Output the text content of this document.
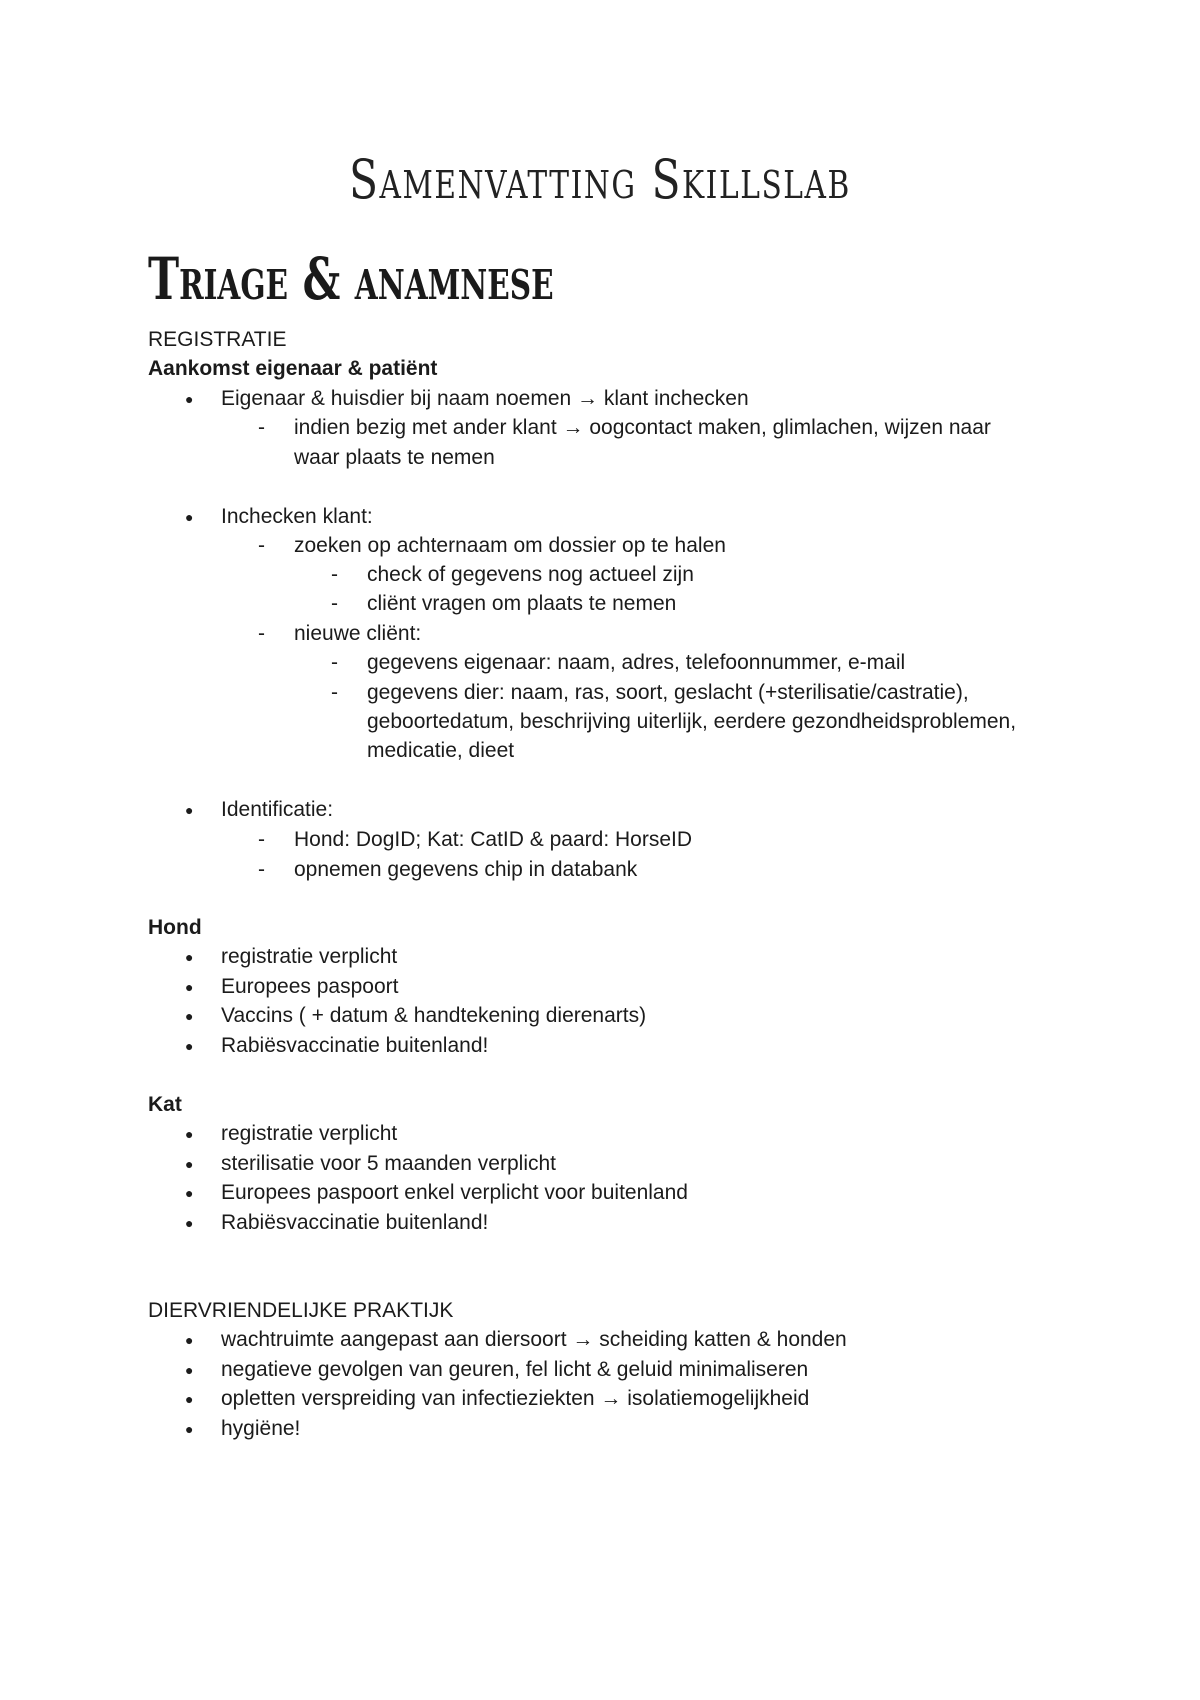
Samenvatting Skillslab
Triage & anamnese
REGISTRATIE
Aankomst eigenaar & patiënt
● Eigenaar & huisdier bij naam noemen → klant inchecken
- indien bezig met ander klant → oogcontact maken, glimlachen, wijzen naar
waar plaats te nemen
● Inchecken klant:
- zoeken op achternaam om dossier op te halen
- check of gegevens nog actueel zijn
- cliënt vragen om plaats te nemen
- nieuwe cliënt:
- gegevens eigenaar: naam, adres, telefoonnummer, e-mail
- gegevens dier: naam, ras, soort, geslacht (+sterilisatie/castratie),
geboortedatum, beschrijving uiterlijk, eerdere gezondheidsproblemen,
medicatie, dieet
● Identificatie:
- Hond: DogID; Kat: CatID & paard: HorseID
- opnemen gegevens chip in databank
Hond
● registratie verplicht
● Europees paspoort
● Vaccins ( + datum & handtekening dierenarts)
● Rabiësvaccinatie buitenland!
Kat
● registratie verplicht
● sterilisatie voor 5 maanden verplicht
● Europees paspoort enkel verplicht voor buitenland
● Rabiësvaccinatie buitenland!
DIERVRIENDELIJKE PRAKTIJK
● wachtruimte aangepast aan diersoort → scheiding katten & honden
● negatieve gevolgen van geuren, fel licht & geluid minimaliseren
● opletten verspreiding van infectieziekten → isolatiemogelijkheid
● hygiëne!
